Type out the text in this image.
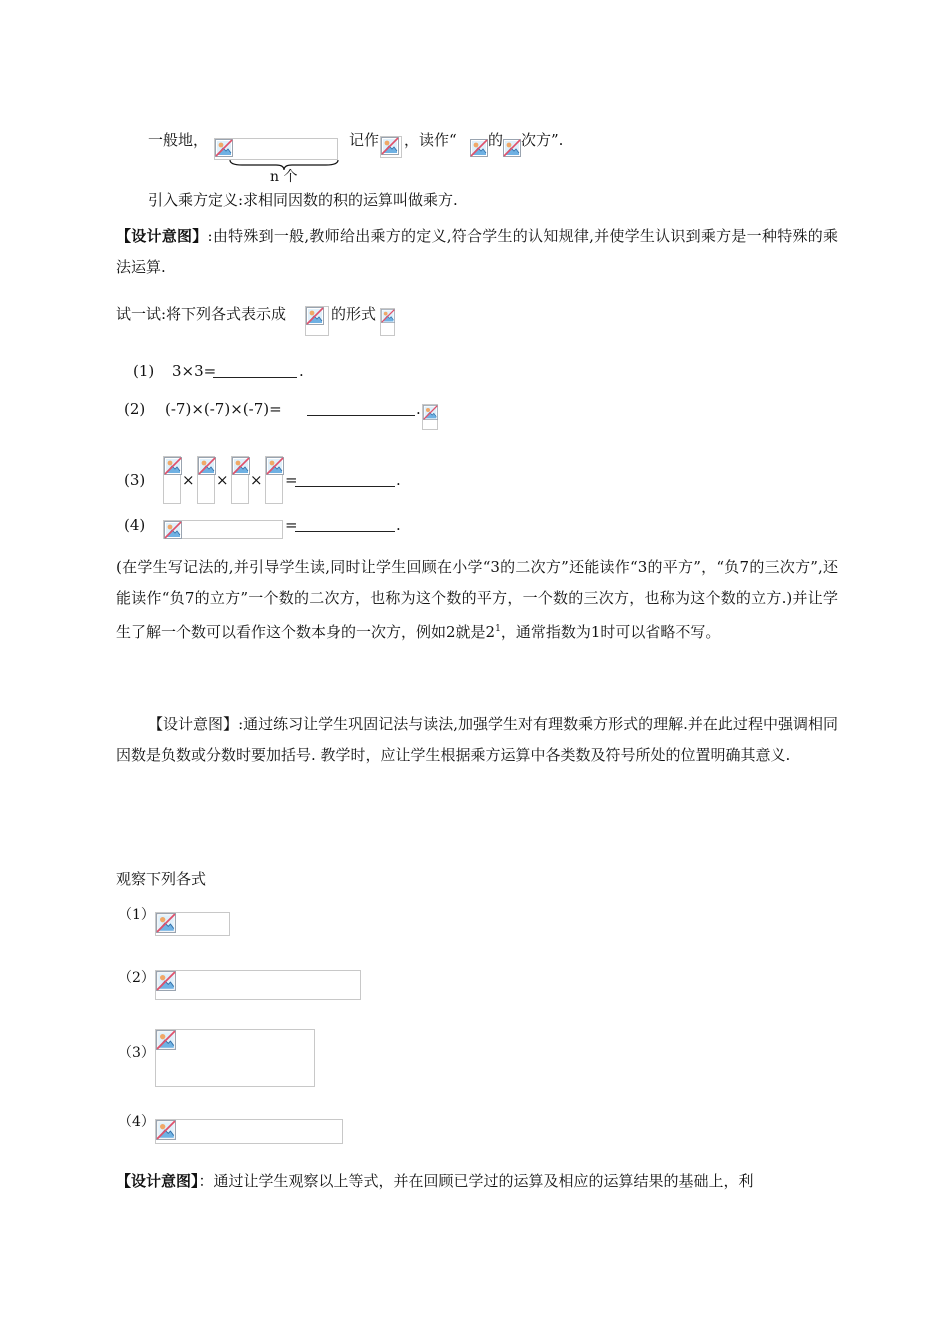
一般地，
n 个
记作 ，读作“ 的 次方”.
引入乘方定义:求相同因数的积的运算叫做乘方.
【设计意图】:由特殊到一般,教师给出乘方的定义,符合学生的认知规律,并使学生认识到乘方是一种特殊的乘法运算.
试一试:将下列各式表示成	的形式
(1) 3×3=	.
(2) (-7)×(-7)×(-7)=	.
(3) × × × =	.
(4)	=	.
(在学生写记法的,并引导学生读,同时让学生回顾在小学“3的二次方”还能读作“3的平方”，“负7的三次方”,还能读作“负7的立方”一个数的二次方，也称为这个数的平方，一个数的三次方，也称为这个数的立方.)并让学生了解一个数可以看作这个数本身的一次方，例如2就是$2^1$，通常指数为1时可以省略不写。
【设计意图】:通过练习让学生巩固记法与读法,加强学生对有理数乘方形式的理解.并在此过程中强调相同因数是负数或分数时要加括号. 教学时，应让学生根据乘方运算中各类数及符号所处的位置明确其意义.
观察下列各式
（1）
（2）
（3）
（4）
【设计意图】：通过让学生观察以上等式，并在回顾已学过的运算及相应的运算结果的基础上，利
